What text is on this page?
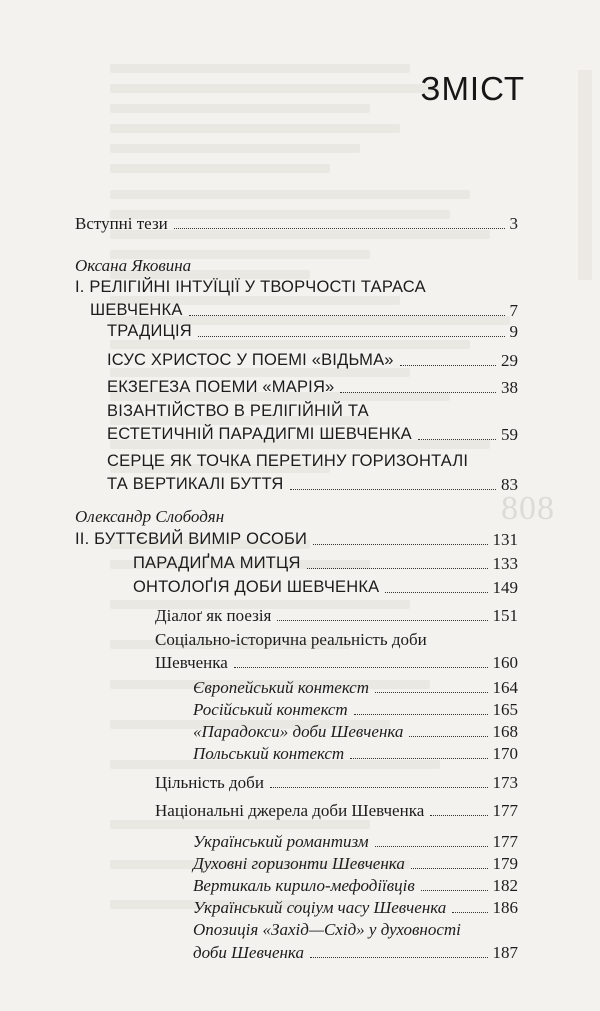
808
ЗМІСТ
Вступні тези	3
Оксана Яковина
І. РЕЛІГІЙНІ ІНТУЇЦІЇ У ТВОРЧОСТІ ТАРАСА
ШЕВЧЕНКА	7
ТРАДИЦІЯ	9
ІСУС ХРИСТОС У ПОЕМІ «ВІДЬМА»	29
ЕКЗЕГЕЗА ПОЕМИ «МАРІЯ»	38
ВІЗАНТІЙСТВО В РЕЛІГІЙНІЙ ТА
ЕСТЕТИЧНІЙ ПАРАДИГМІ ШЕВЧЕНКА	59
СЕРЦЕ ЯК ТОЧКА ПЕРЕТИНУ ГОРИЗОНТАЛІ
ТА ВЕРТИКАЛІ БУТТЯ	83
Олександр Слободян
ІІ. БУТТЄВИЙ ВИМІР ОСОБИ	131
ПАРАДИҐМА МИТЦЯ	133
ОНТОЛОҐІЯ ДОБИ ШЕВЧЕНКА	149
Діалоґ як поезія	151
Соціально-історична реальність доби
Шевченка	160
Європейський контекст	164
Російський контекст	165
«Парадокси» доби Шевченка	168
Польський контекст	170
Цільність доби	173
Національні джерела доби Шевченка	177
Український романтизм	177
Духовні горизонти Шевченка	179
Вертикаль кирило-мефодіївців	182
Український соціум часу Шевченка	186
Опозиція «Захід—Схід» у духовності
доби Шевченка	187
